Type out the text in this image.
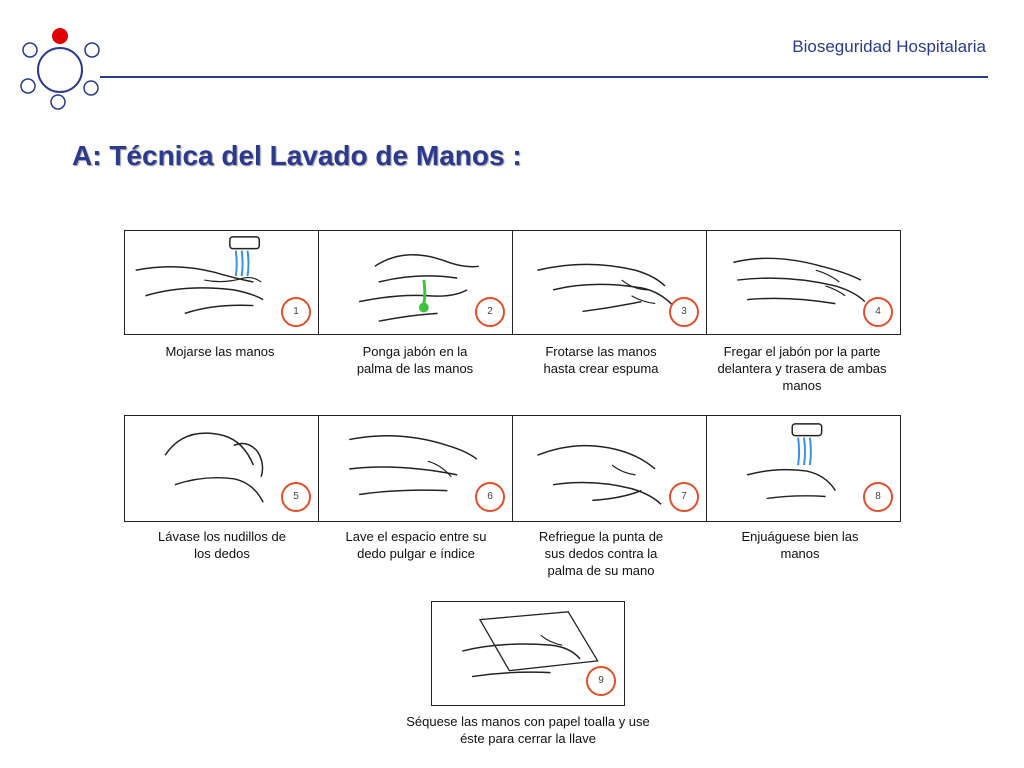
Bioseguridad Hospitalaria
A: Técnica del Lavado de Manos :
1	2	3	4
Mojarse las manos	Ponga jabón en la palma de las manos
Frotarse las manos hasta crear espuma
Fregar el jabón por la parte delantera y trasera de ambas manos
5	6	7	8
Lávase los nudillos de los dedos
Lave el espacio entre su dedo pulgar e índice
Refriegue la punta de sus dedos contra la palma de su mano
Enjuáguese bien las manos
9
Séquese las manos con papel toalla y use éste para cerrar la llave
